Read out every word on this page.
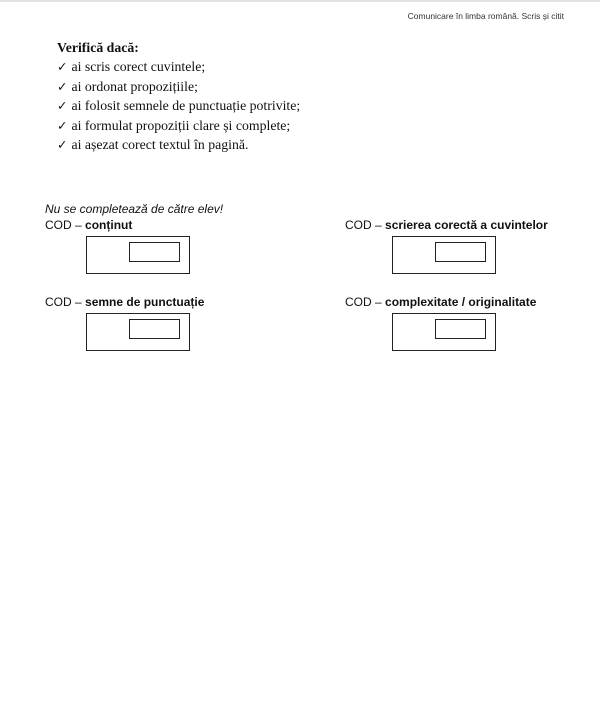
Comunicare în limba română. Scris și citit
Verifică dacă:
✓ ai scris corect cuvintele;
✓ ai ordonat propozițiile;
✓ ai folosit semnele de punctuație potrivite;
✓ ai formulat propoziții clare și complete;
✓ ai așezat corect textul în pagină.
Nu se completează de către elev!
COD – conținut	COD – scrierea corectă a cuvintelor
COD – semne de punctuație	COD – complexitate / originalitate
